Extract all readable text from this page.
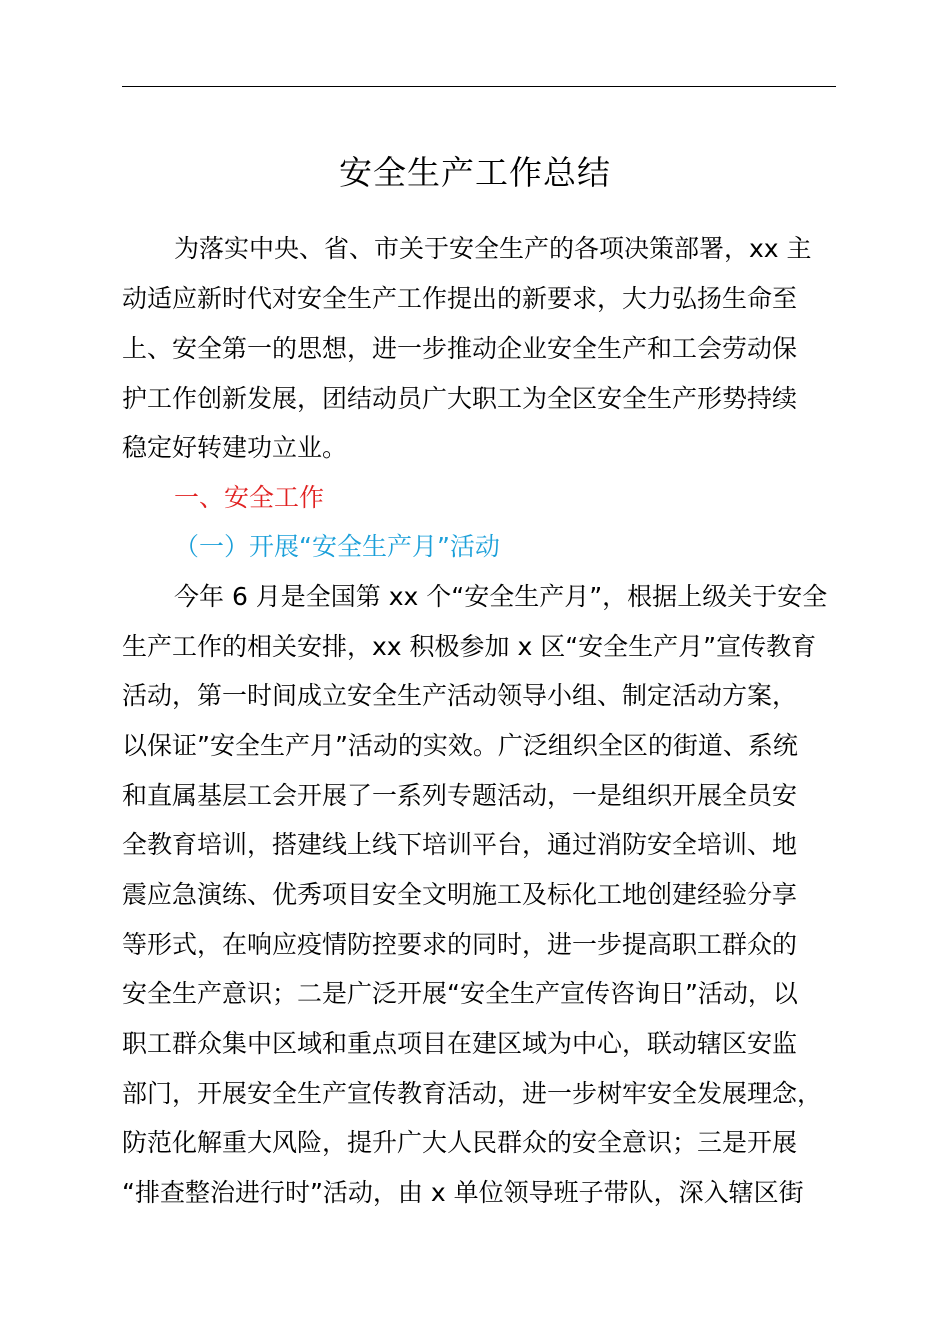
安全生产工作总结
为落实中央、省、市关于安全生产的各项决策部署，xx 主
动适应新时代对安全生产工作提出的新要求，大力弘扬生命至
上、安全第一的思想，进一步推动企业安全生产和工会劳动保
护工作创新发展，团结动员广大职工为全区安全生产形势持续
稳定好转建功立业。
一、安全工作
（一）开展“安全生产月”活动
今年 6 月是全国第 xx 个“安全生产月”，根据上级关于安全
生产工作的相关安排，xx 积极参加 x 区“安全生产月”宣传教育
活动，第一时间成立安全生产活动领导小组、制定活动方案，
以保证”安全生产月”活动的实效。广泛组织全区的街道、系统
和直属基层工会开展了一系列专题活动，一是组织开展全员安
全教育培训，搭建线上线下培训平台，通过消防安全培训、地
震应急演练、优秀项目安全文明施工及标化工地创建经验分享
等形式，在响应疫情防控要求的同时，进一步提高职工群众的
安全生产意识；二是广泛开展“安全生产宣传咨询日”活动，以
职工群众集中区域和重点项目在建区域为中心，联动辖区安监
部门，开展安全生产宣传教育活动，进一步树牢安全发展理念，
防范化解重大风险，提升广大人民群众的安全意识；三是开展
“排查整治进行时”活动，由 x 单位领导班子带队，深入辖区街
